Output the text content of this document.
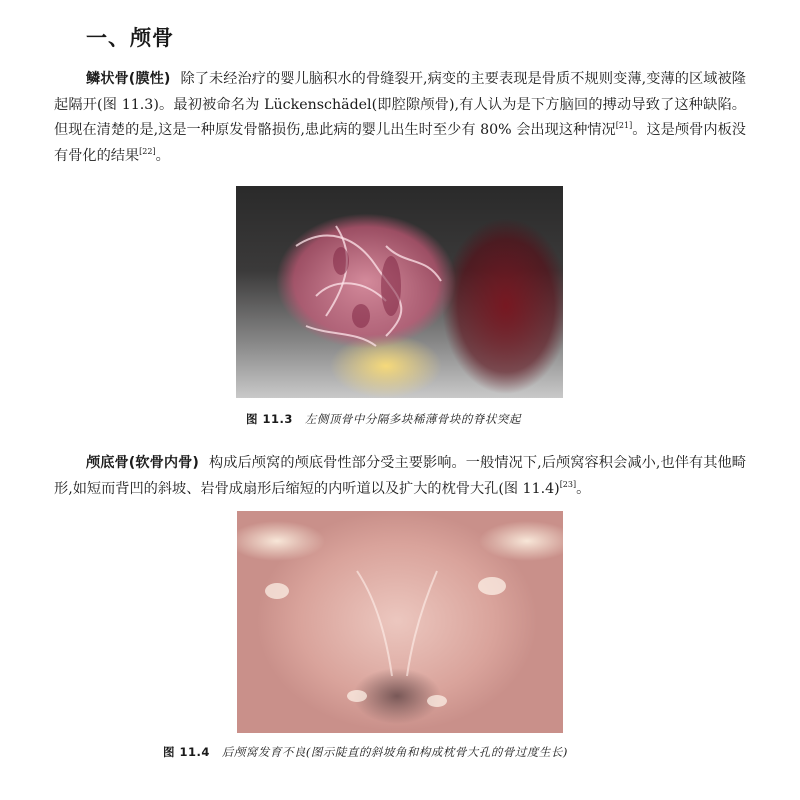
一、颅骨
鳞状骨(膜性) 除了未经治疗的婴儿脑积水的骨缝裂开,病变的主要表现是骨质不规则变薄,变薄的区域被隆起隔开(图 11.3)。最初被命名为 Lückenschädel(即腔隙颅骨),有人认为是下方脑回的搏动导致了这种缺陷。但现在清楚的是,这是一种原发骨骼损伤,患此病的婴儿出生时至少有 80% 会出现这种情况[21]。这是颅骨内板没有骨化的结果[22]。
图 11.3 左侧顶骨中分隔多块稀薄骨块的脊状突起
颅底骨(软骨内骨) 构成后颅窝的颅底骨性部分受主要影响。一般情况下,后颅窝容积会减小,也伴有其他畸形,如短而背凹的斜坡、岩骨成扇形后缩短的内听道以及扩大的枕骨大孔(图 11.4)[23]。
图 11.4 后颅窝发育不良(图示陡直的斜坡角和构成枕骨大孔的骨过度生长)
